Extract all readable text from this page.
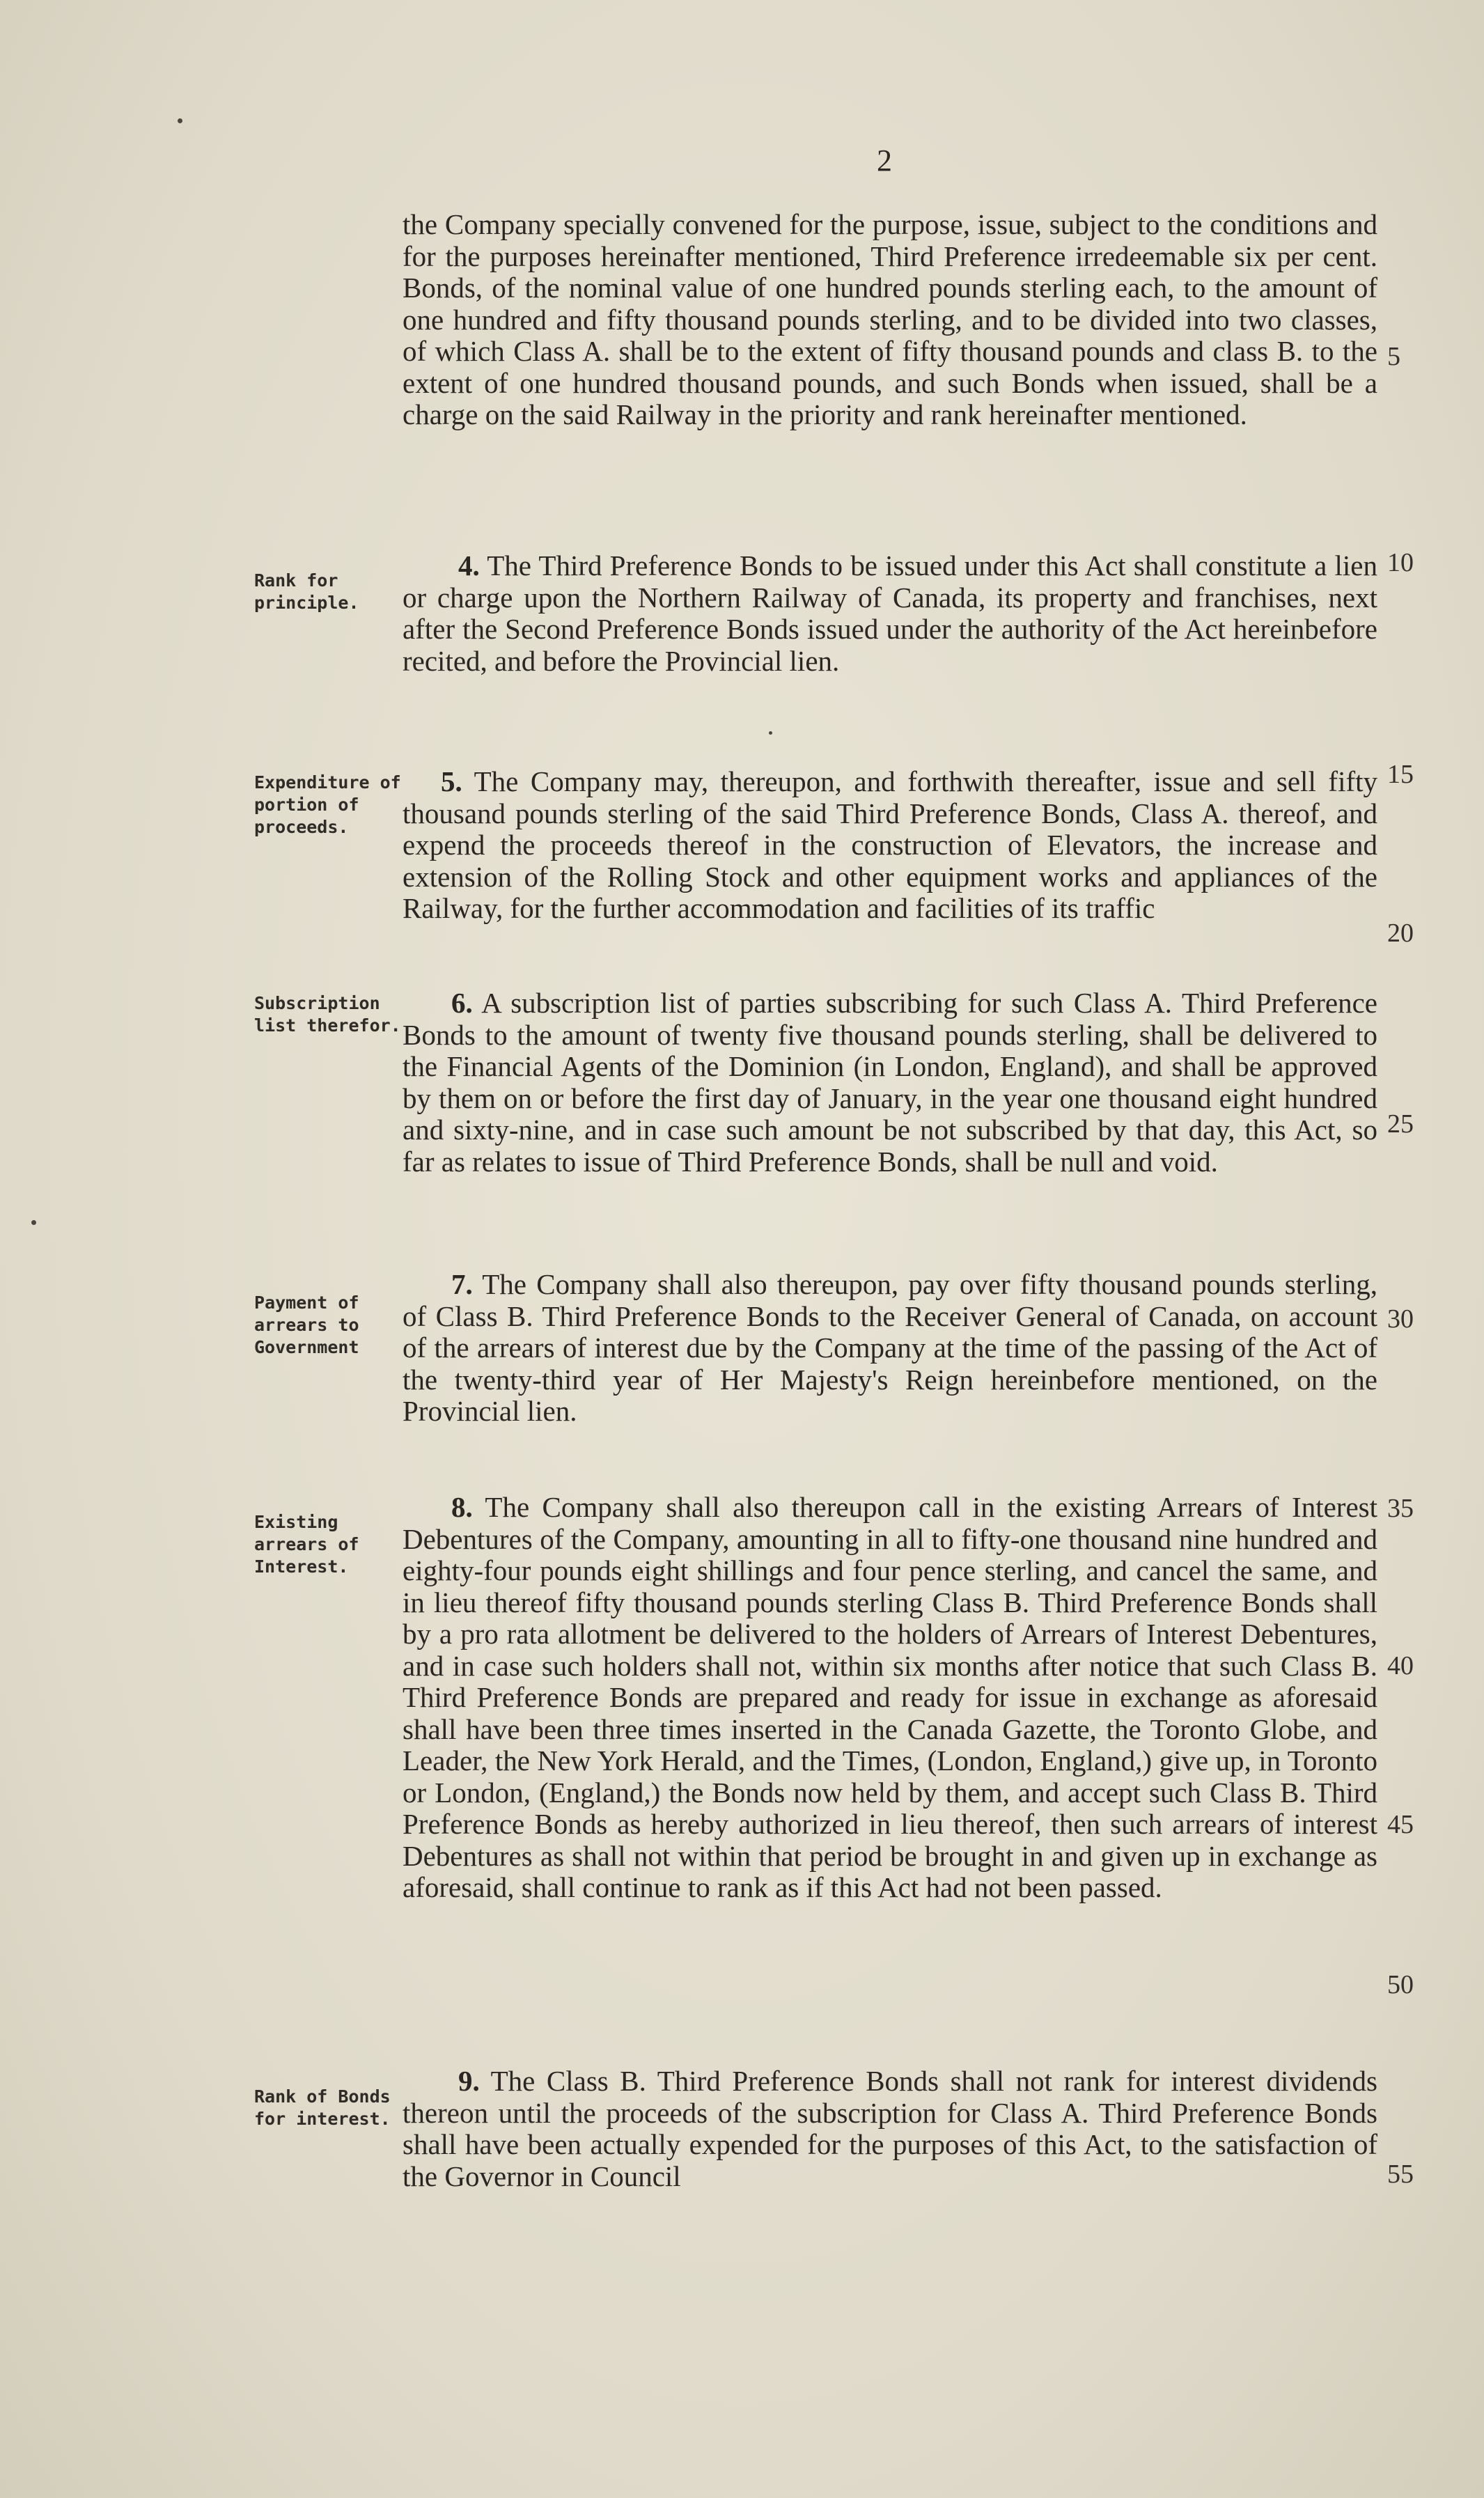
2
the Company specially convened for the purpose, issue, subject to the conditions and for the purposes hereinafter mentioned, Third Preference irredeemable six per cent. Bonds, of the nominal value of one hundred pounds sterling each, to the amount of one hundred and fifty thousand pounds sterling, and to be divided into two classes, of which Class A. shall be to the extent of fifty thousand pounds and class B. to the extent of one hundred thousand pounds, and such Bonds when issued, shall be a charge on the said Railway in the priority and rank hereinafter mentioned.
Rank for principle.
4. The Third Preference Bonds to be issued under this Act shall constitute a lien or charge upon the Northern Railway of Canada, its property and franchises, next after the Second Preference Bonds issued under the authority of the Act hereinbefore recited, and before the Provincial lien.
Expenditure of portion of proceeds.
5. The Company may, thereupon, and forthwith thereafter, issue and sell fifty thousand pounds sterling of the said Third Preference Bonds, Class A. thereof, and expend the proceeds thereof in the construction of Elevators, the increase and extension of the Rolling Stock and other equipment works and appliances of the Railway, for the further accommodation and facilities of its traffic
Subscription list therefor.
6. A subscription list of parties subscribing for such Class A. Third Preference Bonds to the amount of twenty five thousand pounds sterling, shall be delivered to the Financial Agents of the Dominion (in London, England), and shall be approved by them on or before the first day of January, in the year one thousand eight hundred and sixty-nine, and in case such amount be not subscribed by that day, this Act, so far as relates to issue of Third Preference Bonds, shall be null and void.
Payment of arrears to Government
7. The Company shall also thereupon, pay over fifty thousand pounds sterling, of Class B. Third Preference Bonds to the Receiver General of Canada, on account of the arrears of interest due by the Company at the time of the passing of the Act of the twenty-third year of Her Majesty's Reign hereinbefore mentioned, on the Provincial lien.
Existing arrears of Interest.
8. The Company shall also thereupon call in the existing Arrears of Interest Debentures of the Company, amounting in all to fifty-one thousand nine hundred and eighty-four pounds eight shillings and four pence sterling, and cancel the same, and in lieu thereof fifty thousand pounds sterling Class B. Third Preference Bonds shall by a pro rata allotment be delivered to the holders of Arrears of Interest Debentures, and in case such holders shall not, within six months after notice that such Class B. Third Preference Bonds are prepared and ready for issue in exchange as aforesaid shall have been three times inserted in the Canada Gazette, the Toronto Globe, and Leader, the New York Herald, and the Times, (London, England,) give up, in Toronto or London, (England,) the Bonds now held by them, and accept such Class B. Third Preference Bonds as hereby authorized in lieu thereof, then such arrears of interest Debentures as shall not within that period be brought in and given up in exchange as aforesaid, shall continue to rank as if this Act had not been passed.
Rank of Bonds for interest.
9. The Class B. Third Preference Bonds shall not rank for interest dividends thereon until the proceeds of the subscription for Class A. Third Preference Bonds shall have been actually expended for the purposes of this Act, to the satisfaction of the Governor in Council
5
10
15
20
25
30
35
40
45
50
55
